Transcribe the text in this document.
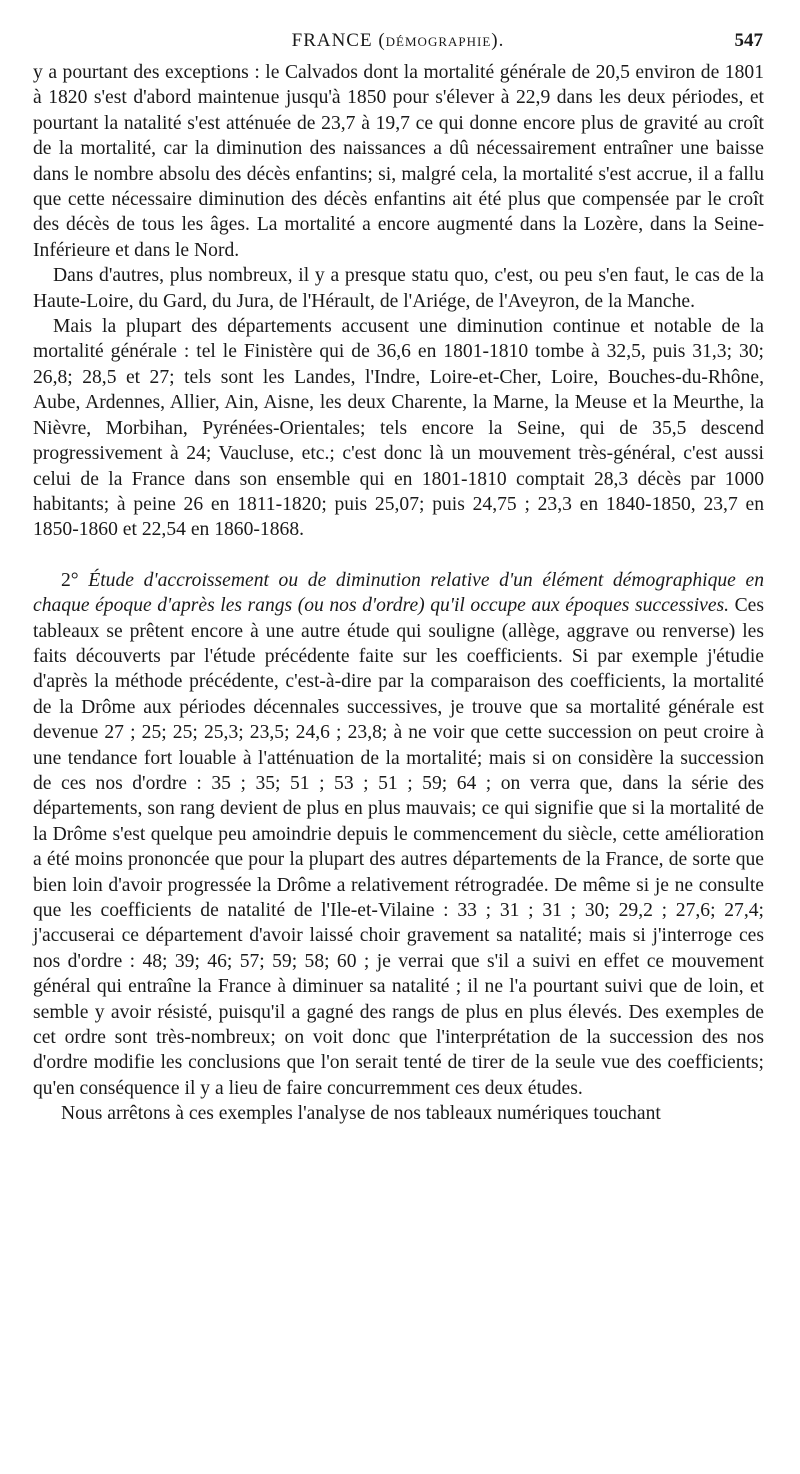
FRANCE (DÉMOGRAPHIE).	547

y a pourtant des exceptions : le Calvados dont la mortalité générale de 20,5 environ de 1801 à 1820 s'est d'abord maintenue jusqu'à 1850 pour s'élever à 22,9 dans les deux périodes, et pourtant la natalité s'est atténuée de 23,7 à 19,7 ce qui donne encore plus de gravité au croît de la mortalité, car la diminution des naissances a dû nécessairement entraîner une baisse dans le nombre absolu des décès enfantins; si, malgré cela, la mortalité s'est accrue, il a fallu que cette nécessaire diminution des décès enfantins ait été plus que compensée par le croît des décès de tous les âges. La mortalité a encore augmenté dans la Lozère, dans la Seine-Inférieure et dans le Nord.

Dans d'autres, plus nombreux, il y a presque statu quo, c'est, ou peu s'en faut, le cas de la Haute-Loire, du Gard, du Jura, de l'Hérault, de l'Ariége, de l'Aveyron, de la Manche.

Mais la plupart des départements accusent une diminution continue et notable de la mortalité générale : tel le Finistère qui de 36,6 en 1801-1810 tombe à 32,5, puis 31,3; 30; 26,8; 28,5 et 27; tels sont les Landes, l'Indre, Loire-et-Cher, Loire, Bouches-du-Rhône, Aube, Ardennes, Allier, Ain, Aisne, les deux Charente, la Marne, la Meuse et la Meurthe, la Nièvre, Morbihan, Pyrénées-Orientales; tels encore la Seine, qui de 35,5 descend progressivement à 24; Vaucluse, etc.; c'est donc là un mouvement très-général, c'est aussi celui de la France dans son ensemble qui en 1801-1810 comptait 28,3 décès par 1000 habitants; à peine 26 en 1811-1820; puis 25,07; puis 24,75 ; 23,3 en 1840-1850, 23,7 en 1850-1860 et 22,54 en 1860-1868.

2° Étude d'accroissement ou de diminution relative d'un élément démographique en chaque époque d'après les rangs (ou nos d'ordre) qu'il occupe aux époques successives. Ces tableaux se prêtent encore à une autre étude qui souligne (allège, aggrave ou renverse) les faits découverts par l'étude précédente faite sur les coefficients. Si par exemple j'étudie d'après la méthode précédente, c'est-à-dire par la comparaison des coefficients, la mortalité de la Drôme aux périodes décennales successives, je trouve que sa mortalité générale est devenue 27 ; 25; 25; 25,3; 23,5; 24,6 ; 23,8; à ne voir que cette succession on peut croire à une tendance fort louable à l'atténuation de la mortalité; mais si on considère la succession de ces nos d'ordre : 35 ; 35; 51 ; 53 ; 51 ; 59; 64 ; on verra que, dans la série des départements, son rang devient de plus en plus mauvais; ce qui signifie que si la mortalité de la Drôme s'est quelque peu amoindrie depuis le commencement du siècle, cette amélioration a été moins prononcée que pour la plupart des autres départements de la France, de sorte que bien loin d'avoir progressée la Drôme a relativement rétrogradée. De même si je ne consulte que les coefficients de natalité de l'Ile-et-Vilaine : 33 ; 31 ; 31 ; 30; 29,2 ; 27,6; 27,4; j'accuserai ce département d'avoir laissé choir gravement sa natalité; mais si j'interroge ces nos d'ordre : 48; 39; 46; 57; 59; 58; 60 ; je verrai que s'il a suivi en effet ce mouvement général qui entraîne la France à diminuer sa natalité ; il ne l'a pourtant suivi que de loin, et semble y avoir résisté, puisqu'il a gagné des rangs de plus en plus élevés. Des exemples de cet ordre sont très-nombreux; on voit donc que l'interprétation de la succession des nos d'ordre modifie les conclusions que l'on serait tenté de tirer de la seule vue des coefficients; qu'en conséquence il y a lieu de faire concurremment ces deux études.

Nous arrêtons à ces exemples l'analyse de nos tableaux numériques touchant
